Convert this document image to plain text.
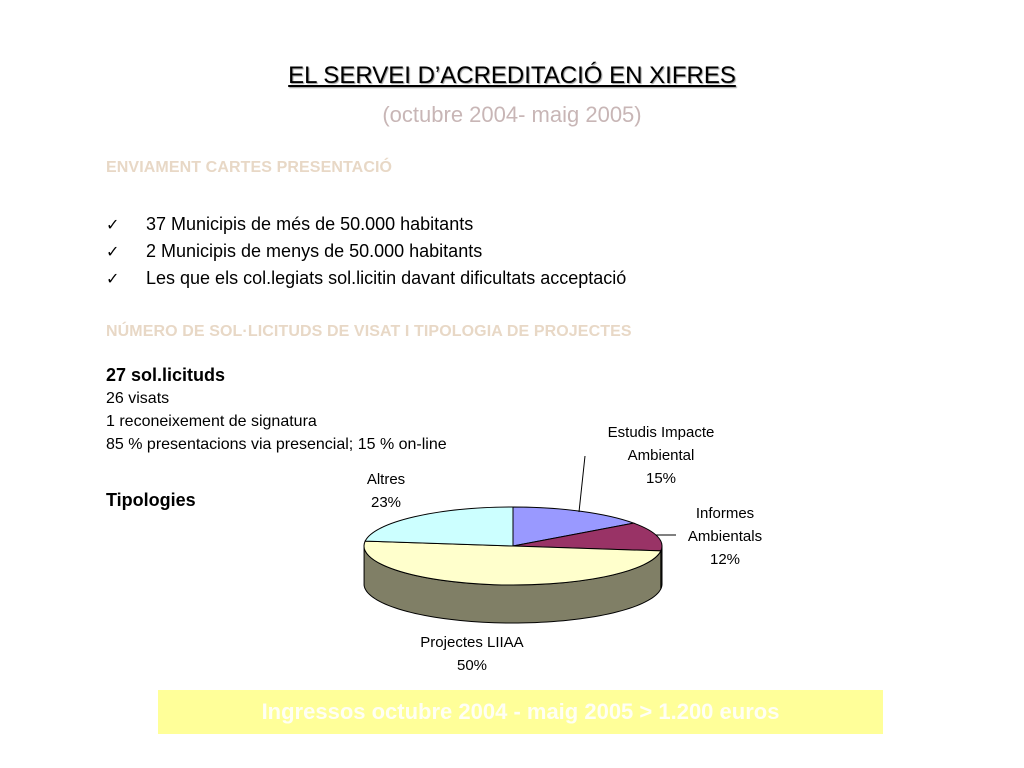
EL SERVEI D’ACREDITACIÓ EN XIFRES
(octubre 2004- maig 2005)
ENVIAMENT CARTES PRESENTACIÓ
✓ 37 Municipis de més de 50.000 habitants
✓ 2 Municipis de menys de 50.000 habitants
✓ Les que els col.legiats sol.licitin davant dificultats acceptació
NÚMERO DE SOL·LICITUDS DE VISAT I TIPOLOGIA DE PROJECTES
27 sol.licituds
26 visats
1 reconeixement de signatura
85 % presentacions via presencial; 15 % on-line
Tipologies
Estudis Impacte
Ambiental
15%
Informes
Ambientals
12%
Projectes LIIAA
50%
Altres
23%
Ingressos octubre 2004 - maig 2005 > 1.200 euros
